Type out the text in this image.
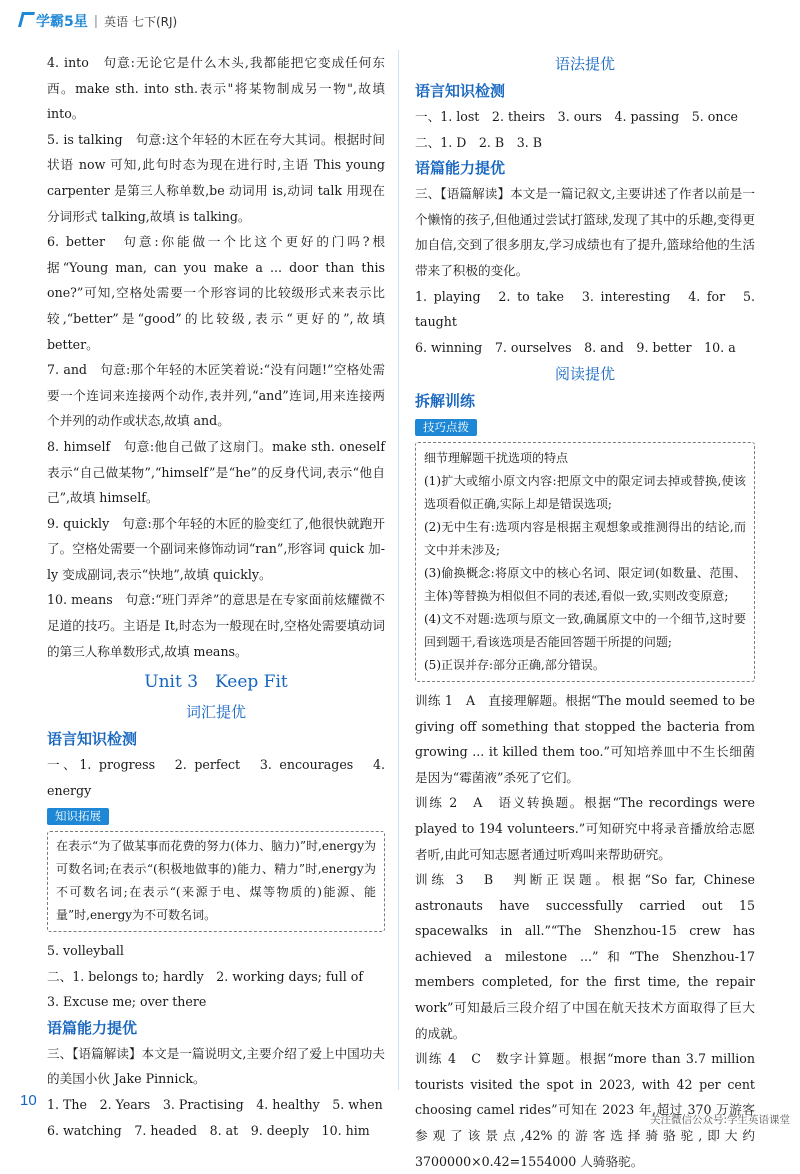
学霸5星 | 英语 七下(RJ)

4. into　句意:无论它是什么木头,我都能把它变成任何东西。make sth. into sth.表示"将某物制成另一物",故填 into。

5. is talking　句意:这个年轻的木匠在夸大其词。根据时间状语 now 可知,此句时态为现在进行时,主语 This young carpenter 是第三人称单数,be 动词用 is,动词 talk 用现在分词形式 talking,故填 is talking。

6. better　句意:你能做一个比这个更好的门吗?根据“Young man, can you make a ... door than this one?”可知,空格处需要一个形容词的比较级形式来表示比较,“better”是“good”的比较级,表示“更好的”,故填 better。

7. and　句意:那个年轻的木匠笑着说:“没有问题!”空格处需要一个连词来连接两个动作,表并列,“and”连词,用来连接两个并列的动作或状态,故填 and。

8. himself　句意:他自己做了这扇门。make sth. oneself 表示“自己做某物”,“himself”是“he”的反身代词,表示“他自己”,故填 himself。

9. quickly　句意:那个年轻的木匠的脸变红了,他很快就跑开了。空格处需要一个副词来修饰动词“ran”,形容词 quick 加-ly 变成副词,表示“快地”,故填 quickly。

10. means　句意:“班门弄斧”的意思是在专家面前炫耀微不足道的技巧。主语是 It,时态为一般现在时,空格处需要填动词的第三人称单数形式,故填 means。

Unit 3　Keep Fit
词汇提优
语言知识检测

一、1. progress　2. perfect　3. encourages　4. energy

知识拓展

在表示“为了做某事而花费的努力(体力、脑力)”时,energy为可数名词;在表示“(积极地做事的)能力、精力”时,energy为不可数名词;在表示“(来源于电、煤等物质的)能源、能量”时,energy为不可数名词。

5. volleyball

二、1. belongs to; hardly　2. working days; full of

3. Excuse me; over there

语篇能力提优

三、【语篇解读】本文是一篇说明文,主要介绍了爱上中国功夫的美国小伙 Jake Pinnick。

1. The　2. Years　3. Practising　4. healthy　5. when

6. watching　7. headed　8. at　9. deeply　10. him

语法提优
语言知识检测

一、1. lost　2. theirs　3. ours　4. passing　5. once

二、1. D　2. B　3. B

语篇能力提优

三、【语篇解读】本文是一篇记叙文,主要讲述了作者以前是一个懒惰的孩子,但他通过尝试打篮球,发现了其中的乐趣,变得更加自信,交到了很多朋友,学习成绩也有了提升,篮球给他的生活带来了积极的变化。

1. playing　2. to take　3. interesting　4. for　5. taught

6. winning　7. ourselves　8. and　9. better　10. a

阅读提优
拆解训练
技巧点拨
细节理解题干扰选项的特点

(1)扩大或缩小原文内容:把原文中的限定词去掉或替换,使该选项看似正确,实际上却是错误选项;

(2)无中生有:选项内容是根据主观想象或推测得出的结论,而文中并未涉及;

(3)偷换概念:将原文中的核心名词、限定词(如数量、范围、主体)等替换为相似但不同的表述,看似一致,实则改变原意;

(4)文不对题:选项与原文一致,确属原文中的一个细节,这时要回到题干,看该选项是否能回答题干所提的问题;

(5)正误并存:部分正确,部分错误。

训练 1　A　直接理解题。根据“The mould seemed to be giving off something that stopped the bacteria from growing ... it killed them too.”可知培养皿中不生长细菌是因为“霉菌液”杀死了它们。

训练 2　A　语义转换题。根据“The recordings were played to 194 volunteers.”可知研究中将录音播放给志愿者听,由此可知志愿者通过听鸡叫来帮助研究。

训练 3　B　判断正误题。根据“So far, Chinese astronauts have successfully carried out 15 spacewalks in all.”“The Shenzhou-15 crew has achieved a milestone ...”和“The Shenzhou-17 members completed, for the first time, the repair work”可知最后三段介绍了中国在航天技术方面取得了巨大的成就。

训练 4　C　数字计算题。根据“more than 3.7 million tourists visited the spot in 2023, with 42 per cent choosing camel rides”可知在 2023 年,超过 370 万游客参观了该景点,42%的游客选择骑骆驼,即大约 3700000×0.42=1554000 人骑骆驼。

10
关注微信公众号:学生英语课堂
